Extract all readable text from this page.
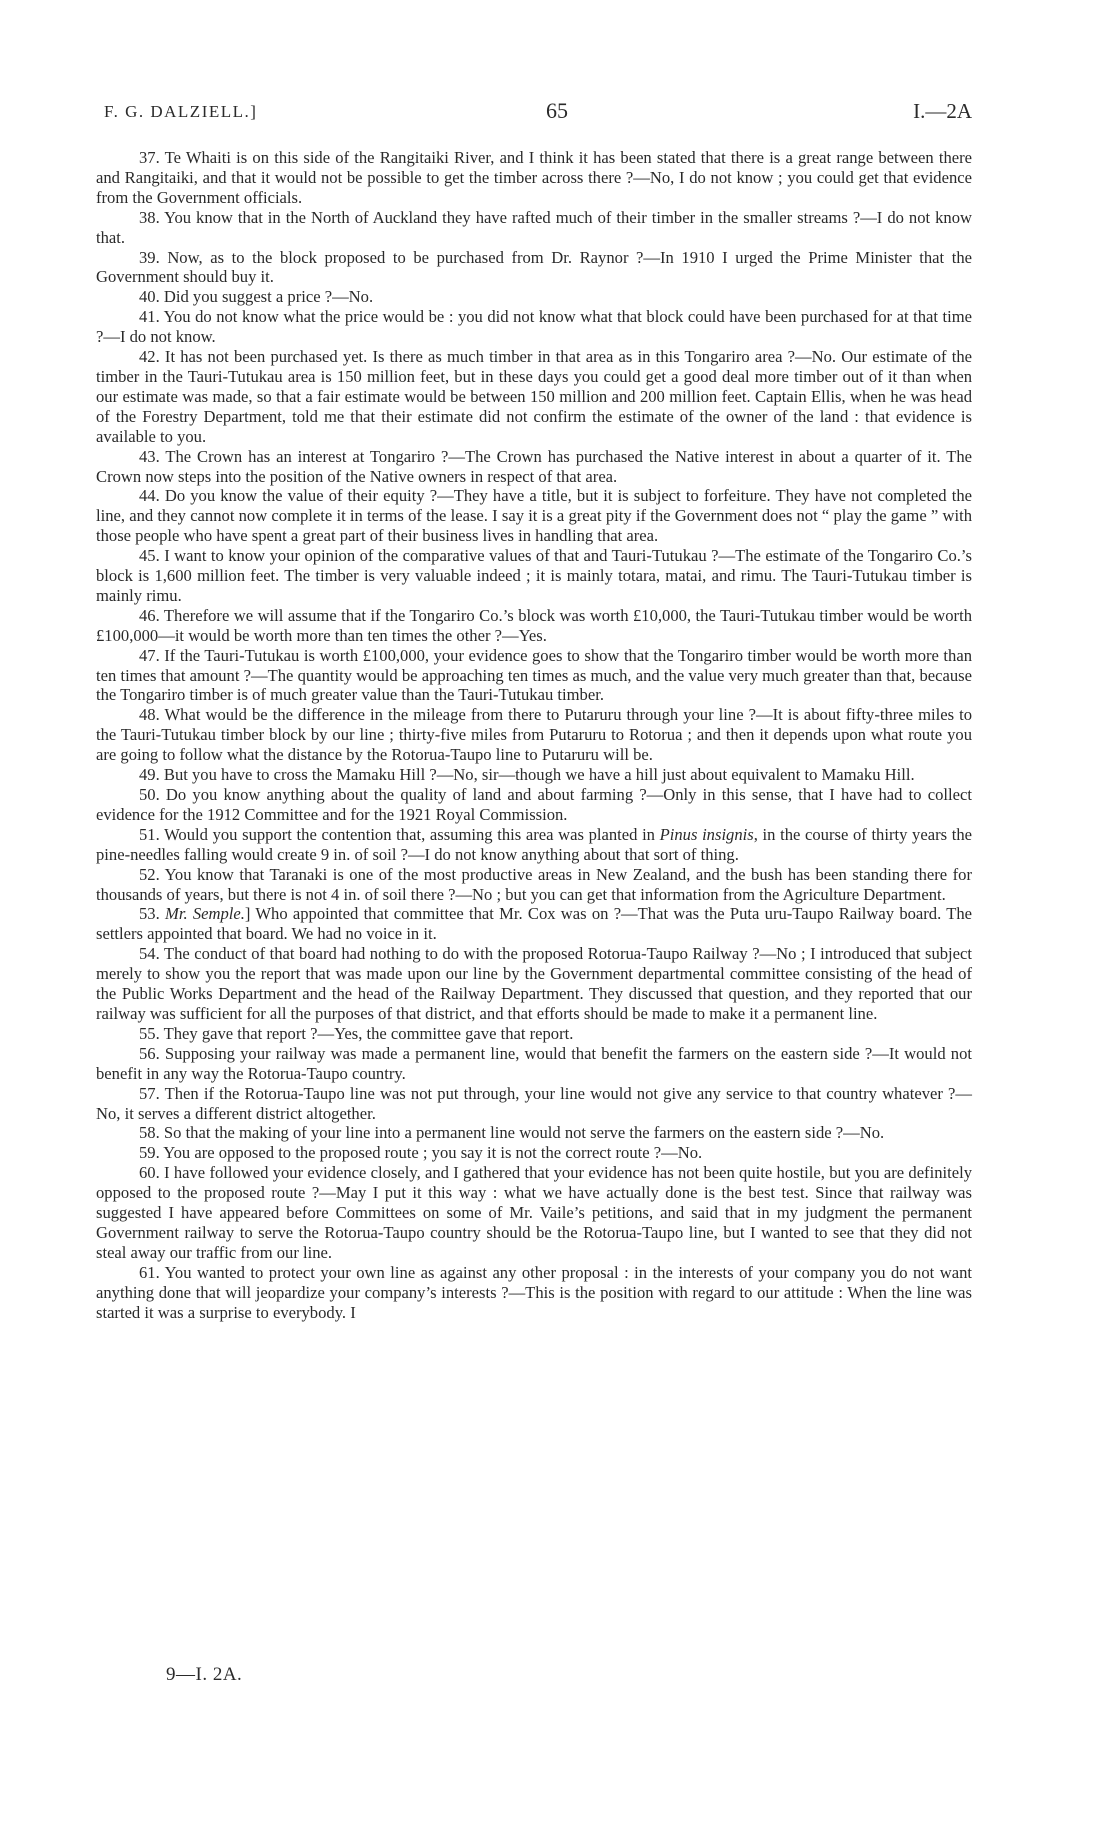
F. G. DALZIELL.]	65	I.—2A

37. Te Whaiti is on this side of the Rangitaiki River, and I think it has been stated that there is a great range between there and Rangitaiki, and that it would not be possible to get the timber across there ?—No, I do not know ; you could get that evidence from the Government officials.

38. You know that in the North of Auckland they have rafted much of their timber in the smaller streams ?—I do not know that.

39. Now, as to the block proposed to be purchased from Dr. Raynor ?—In 1910 I urged the Prime Minister that the Government should buy it.

40. Did you suggest a price ?—No.

41. You do not know what the price would be : you did not know what that block could have been purchased for at that time ?—I do not know.

42. It has not been purchased yet. Is there as much timber in that area as in this Tongariro area ?—No. Our estimate of the timber in the Tauri-Tutukau area is 150 million feet, but in these days you could get a good deal more timber out of it than when our estimate was made, so that a fair estimate would be between 150 million and 200 million feet. Captain Ellis, when he was head of the Forestry Department, told me that their estimate did not confirm the estimate of the owner of the land : that evidence is available to you.

43. The Crown has an interest at Tongariro ?—The Crown has purchased the Native interest in about a quarter of it. The Crown now steps into the position of the Native owners in respect of that area.

44. Do you know the value of their equity ?—They have a title, but it is subject to forfeiture. They have not completed the line, and they cannot now complete it in terms of the lease. I say it is a great pity if the Government does not “ play the game ” with those people who have spent a great part of their business lives in handling that area.

45. I want to know your opinion of the comparative values of that and Tauri-Tutukau ?—The estimate of the Tongariro Co.’s block is 1,600 million feet. The timber is very valuable indeed ; it is mainly totara, matai, and rimu. The Tauri-Tutukau timber is mainly rimu.

46. Therefore we will assume that if the Tongariro Co.’s block was worth £10,000, the Tauri-Tutukau timber would be worth £100,000—it would be worth more than ten times the other ?—Yes.

47. If the Tauri-Tutukau is worth £100,000, your evidence goes to show that the Tongariro timber would be worth more than ten times that amount ?—The quantity would be approaching ten times as much, and the value very much greater than that, because the Tongariro timber is of much greater value than the Tauri-Tutukau timber.

48. What would be the difference in the mileage from there to Putaruru through your line ?—It is about fifty-three miles to the Tauri-Tutukau timber block by our line ; thirty-five miles from Putaruru to Rotorua ; and then it depends upon what route you are going to follow what the distance by the Rotorua-Taupo line to Putaruru will be.

49. But you have to cross the Mamaku Hill ?—No, sir—though we have a hill just about equivalent to Mamaku Hill.

50. Do you know anything about the quality of land and about farming ?—Only in this sense, that I have had to collect evidence for the 1912 Committee and for the 1921 Royal Commission.

51. Would you support the contention that, assuming this area was planted in Pinus insignis, in the course of thirty years the pine-needles falling would create 9 in. of soil ?—I do not know anything about that sort of thing.

52. You know that Taranaki is one of the most productive areas in New Zealand, and the bush has been standing there for thousands of years, but there is not 4 in. of soil there ?—No ; but you can get that information from the Agriculture Department.

53. Mr. Semple.] Who appointed that committee that Mr. Cox was on ?—That was the Puta uru-Taupo Railway board. The settlers appointed that board. We had no voice in it.

54. The conduct of that board had nothing to do with the proposed Rotorua-Taupo Railway ?—No ; I introduced that subject merely to show you the report that was made upon our line by the Government departmental committee consisting of the head of the Public Works Department and the head of the Railway Department. They discussed that question, and they reported that our railway was sufficient for all the purposes of that district, and that efforts should be made to make it a permanent line.

55. They gave that report ?—Yes, the committee gave that report.

56. Supposing your railway was made a permanent line, would that benefit the farmers on the eastern side ?—It would not benefit in any way the Rotorua-Taupo country.

57. Then if the Rotorua-Taupo line was not put through, your line would not give any service to that country whatever ?—No, it serves a different district altogether.

58. So that the making of your line into a permanent line would not serve the farmers on the eastern side ?—No.

59. You are opposed to the proposed route ; you say it is not the correct route ?—No.

60. I have followed your evidence closely, and I gathered that your evidence has not been quite hostile, but you are definitely opposed to the proposed route ?—May I put it this way : what we have actually done is the best test. Since that railway was suggested I have appeared before Committees on some of Mr. Vaile’s petitions, and said that in my judgment the permanent Government railway to serve the Rotorua-Taupo country should be the Rotorua-Taupo line, but I wanted to see that they did not steal away our traffic from our line.

61. You wanted to protect your own line as against any other proposal : in the interests of your company you do not want anything done that will jeopardize your company’s interests ?—This is the position with regard to our attitude : When the line was started it was a surprise to everybody. I

9—I. 2A.
